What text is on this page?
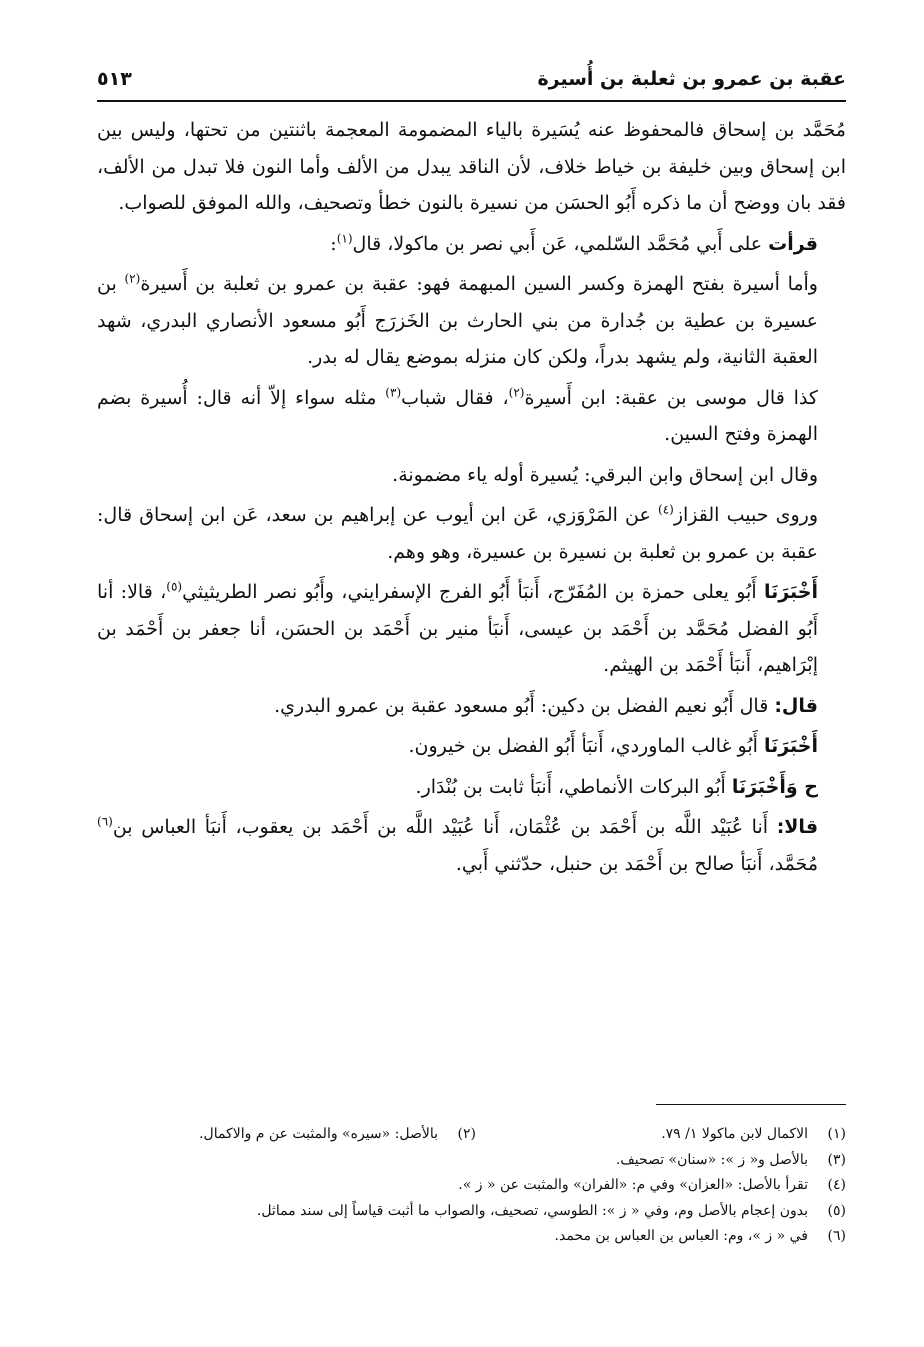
عقبة بن عمرو بن ثعلبة بن أُسيرة
٥١٣

مُحَمَّد بن إسحاق فالمحفوظ عنه يُسَيرة بالياء المضمومة المعجمة باثنتين من تحتها، وليس بين ابن إسحاق وبين خليفة بن خياط خلاف، لأن الناقد يبدل من الألف وأما النون فلا تبدل من الألف، فقد بان ووضح أن ما ذكره أَبُو الحسَن من نسيرة بالنون خطأ وتصحيف، والله الموفق للصواب.

قرأت على أَبي مُحَمَّد السّلمي، عَن أَبي نصر بن ماكولا، قال$^{(١)}$:

وأما أسيرة بفتح الهمزة وكسر السين المبهمة فهو: عقبة بن عمرو بن ثعلبة بن أَسيرة$^{(٢)}$ بن عسيرة بن عطية بن جُدارة من بني الحارث بن الخَزرَج أَبُو مسعود الأنصاري البدري، شهد العقبة الثانية، ولم يشهد بدراً، ولكن كان منزله بموضع يقال له بدر.

كذا قال موسى بن عقبة: ابن أَسيرة$^{(٢)}$، فقال شباب$^{(٣)}$ مثله سواء إلاّ أنه قال: أُسيرة بضم الهمزة وفتح السين.

وقال ابن إسحاق وابن البرقي: يُسيرة أوله ياء مضمونة.

وروى حبيب القزاز$^{(٤)}$ عن المَرْوَزي، عَن ابن أيوب عن إبراهيم بن سعد، عَن ابن إسحاق قال: عقبة بن عمرو بن ثعلبة بن نسيرة بن عسيرة، وهو وهم.

أَخْبَرَنَا أَبُو يعلى حمزة بن المُفَرّج، أَنبَأ أَبُو الفرج الإسفرايني، وأَبُو نصر الطريثيثي$^{(٥)}$، قالا: أنا أَبُو الفضل مُحَمَّد بن أَحْمَد بن عيسى، أَنبَأ منير بن أَحْمَد بن الحسَن، أنا جعفر بن أَحْمَد بن إبْرَاهيم، أَنبَأ أَحْمَد بن الهيثم.

قال: قال أَبُو نعيم الفضل بن دكين: أَبُو مسعود عقبة بن عمرو البدري.

أَخْبَرَنَا أَبُو غالب الماوردي، أَنبَأ أَبُو الفضل بن خيرون.

ح وَأَخْبَرَنَا أَبُو البركات الأنماطي، أَنبَأ ثابت بن بُنْدَار.

قالا: أَنا عُبَيْد اللَّه بن أَحْمَد بن عُثْمَان، أَنا عُبَيْد اللَّه بن أَحْمَد بن يعقوب، أَنبَأ العباس بن$^{(٦)}$ مُحَمَّد، أَنبَأ صالح بن أَحْمَد بن حنبل، حدّثني أَبي.

(١)
الاكمال لابن ماكولا ١/ ٧٩.
(٢)
بالأصل: «سيره» والمثبت عن م والاكمال.
(٣)
بالأصل و« ز »: «سنان» تصحيف.
(٤)
تقرأ بالأصل: «العزان» وفي م: «الفران» والمثبت عن « ز ».
(٥)
بدون إعجام بالأصل وم، وفي « ز »: الطوسي، تصحيف، والصواب ما أثبت قياساً إلى سند مماثل.
(٦)
في « ز »، وم: العباس بن العباس بن محمد.
